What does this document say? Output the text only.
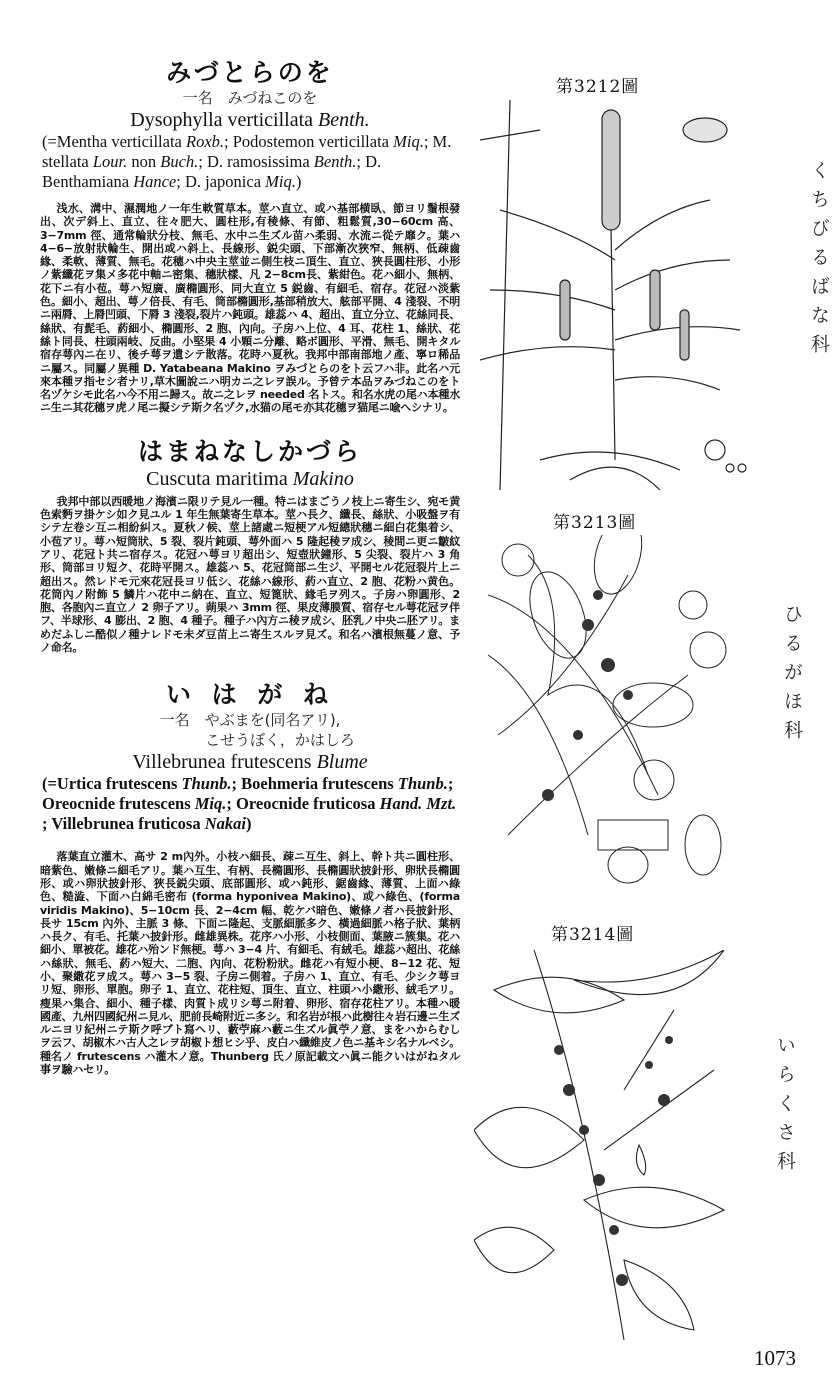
みづとらのを
一名　みづねこのを
Dysophylla verticillata Benth.
(=Mentha verticillata Roxb.; Podostemon verticillata Miq.; M. stellata Lour. non Buch.; D. ramosissima Benth.; D. Benthamiana Hance; D. japonica Miq.)

浅水、溝中、濕潤地ノ一年生軟質草本。莖ハ直立、或ハ基部横臥、節ヨリ鬚根發出、次デ斜上、直立、往々肥大、圓柱形,有稜條、有節、粗鬆質,30−60cm 高、3−7mm 徑、通常輪狀分枝、無毛、水中ニ生ズル苗ハ柔弱、水流ニ從テ靡ク。葉ハ 4−6−放射狀輪生、開出或ハ斜上、長線形、鋭尖頭、下部漸次狹窄、無柄、低疎齒緣、柔軟、薄質、無毛。花穗ハ中央主莖並ニ側生枝ニ頂生、直立、狹長圓柱形、小形ノ紫纖花ヲ集メ多花中軸ニ密集、穗狀樣、凡 2−8cm長、紫紺色。花ハ細小、無柄、花下ニ有小苞。萼ハ短廣、廣橢圓形、同大直立 5 鋭齒、有細毛、宿存。花冠ハ淡紫色。細小、超出、萼ノ倍長、有毛、筒部橢圓形,基部稍放大、舷部平開、4 淺裂、不明ニ兩脣、上脣凹頭、下脣 3 淺裂,裂片ハ鈍頭。雄蕊ハ 4、超出、直立分立、花絲同長、絲狀、有髭毛、葯細小、橢圓形、2 胞、內向。子房ハ上位、4 耳、花柱 1、絲狀、花絲ト同長、柱頭兩岐、反曲。小堅果 4 小顆ニ分離、略ボ圓形、平滑、無毛、開キタル宿存萼內ニ在リ、後チ萼ヲ遺シテ散落。花時ハ夏秋。我邦中部南部地ノ產、寧ロ稀品ニ屬ス。同屬ノ異種 D. Yatabeana Makino ヲみづとらのをト云フハ非。此名ハ元來本種ヲ指セシ者ナリ,草木圖說ニハ明カニ之レヲ誤ル。予曾テ本品ヲみづねこのをト名ヅケシモ此名ハ今不用ニ歸ス。故ニ之レヲ needed 名トス。和名水虎の尾ハ本種水ニ生ニ其花穗ヲ虎ノ尾ニ擬シテ斯ク名ヅク,水猫の尾モ亦其花穗ヲ猫尾ニ喩ヘシナリ。

はまねなしかづら
Cuscuta maritima Makino

我邦中部以西暖地ノ海濱ニ限リテ見ル一種。特ニはまごうノ枝上ニ寄生シ、宛モ黄色索麪ヲ掛ケシ如ク見ユル 1 年生無葉寄生草本。莖ハ長ク、纖長、絲狀、小吸盤ヲ有シテ左卷シ互ニ相紛糾ス。夏秋ノ候、莖上諸處ニ短梗アル短總狀穗ニ細白花集着シ、小苞アリ。萼ハ短筒狀、5 裂、裂片鈍頭、萼外面ハ 5 隆起稜ヲ成シ、稜間ニ更ニ皺紋アリ、花冠ト共ニ宿存ス。花冠ハ萼ヨリ超出シ、短壺狀鐘形、5 尖裂、裂片ハ 3 角形、筒部ヨリ短ク、花時平開ス。雄蕊ハ 5、花冠筒部ニ生ジ、平開セル花冠裂片上ニ超出ス。然レドモ元來花冠長ヨリ低シ、花絲ハ線形、葯ハ直立、2 胞、花粉ハ黄色。花筒內ノ附飾 5 鱗片ハ花中ニ納在、直立、短篦狀、緣毛ヲ列ス。子房ハ卵圓形、2 胞、各胞內ニ直立ノ 2 卵子アリ。蒴果ハ 3mm 徑、果皮薄膜質、宿存セル萼花冠ヲ伴フ、半球形、4 膨出、2 胞、4 種子。種子ハ內方ニ稜ヲ成シ、胚乳ノ中央ニ胚アリ。まめだふしニ酷似ノ種ナレドモ未ダ豆苗上ニ寄生スルヲ見ズ。和名ハ濱根無蔓ノ意、予ノ命名。

い は が ね
一名　やぶまを(同名アリ),
こせうぼく，かはしろ
Villebrunea frutescens Blume
(=Urtica frutescens Thunb.; Boehmeria frutescens Thunb.; Oreocnide frutescens Miq.; Oreocnide fruticosa Hand. Mzt. ; Villebrunea fruticosa Nakai)

落葉直立灌木、高サ 2 m內外。小枝ハ細長、疎ニ互生、斜上、幹ト共ニ圓柱形、暗紫色、嫩條ニ細毛アリ。葉ハ互生、有柄、長橢圓形、長橢圓狀披針形、卵狀長橢圓形、或ハ卵狀披針形、狹長鋭尖頭、底部圓形、或ハ鈍形、鋸齒緣、薄質、上面ハ綠色、糙澁、下面ハ白綿毛密布 (forma hyponivea Makino)、或ハ綠色、(forma viridis Makino)、5−10cm 長、2−4cm 幅、乾ケバ暗色、嫩條ノ者ハ長披針形、長サ 15cm 內外、主脈 3 條、下面ニ隆起、支脈細脈多ク、橫過細脈ハ格子狀、葉柄ハ長ク、有毛、托葉ハ披針形。雌雄異株。花序ハ小形、小枝側面、葉腋ニ簇集。花ハ細小、單被花。雄花ハ殆ンド無梗。萼ハ 3−4 片、有細毛、有絨毛。雄蕊ハ超出、花絲ハ絲狀、無毛、葯ハ短大、二胞、內向、花粉粉狀。雌花ハ有短小梗、8−12 花、短小、聚繖花ヲ成ス。萼ハ 3−5 裂、子房ニ側着。子房ハ 1、直立、有毛、少シク萼ヨリ短、卵形、單胞。卵子 1、直立、花柱短、頂生、直立、柱頭ハ小繖形、絨毛アリ。瘦果ハ集合、細小、種子樣、肉質ト成リシ萼ニ附着、卵形、宿存花柱アリ。本種ハ暖國產、九州四國紀州ニ見ル、肥前長崎附近ニ多シ。和名岩が根ハ此樹往々岩石邊ニ生ズルニヨリ紀州ニテ斯ク呼ブト寫ヘリ、藪苧麻ハ藪ニ生ズル眞苧ノ意、まをハからむしヲ云フ、胡椒木ハ古人之レヲ胡椒ト想ヒシ乎、皮白ハ纖維皮ノ色ニ基キシ名ナルベシ。種名ノ frutescens ハ灌木ノ意。Thunberg 氏ノ原記載文ハ眞ニ能クいはがねタル事ヲ驗ハセリ。

第3212圖
くちびるばな科
第3213圖
ひるがほ科
第3214圖
いらくさ科
1073
